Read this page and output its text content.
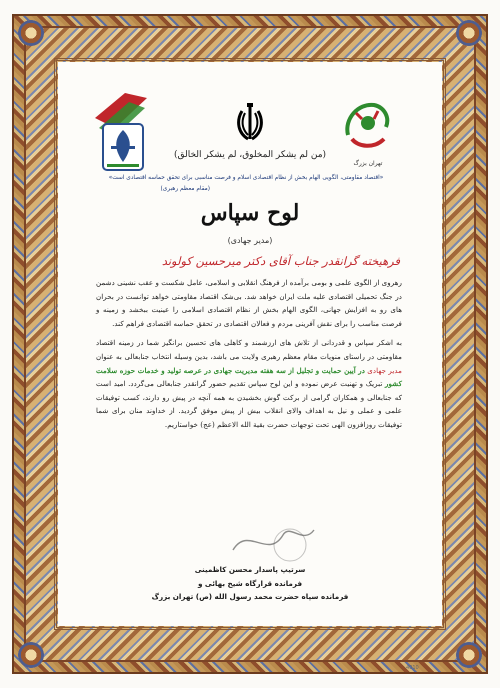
(من لم یشکر المخلوق، لم یشکر الخالق)
تهران بزرگ
«اقتصاد مقاومتی، الگویی الهام بخش از نظام اقتصادی اسلام و فرصت مناسبی برای تحقق حماسه اقتصادی است»
(مقام معظم رهبری)
لوح سپاس
(مدیر جهادی)
فرهیخته گرانقدر جناب آقای دکتر میرحسین کولوند

رهروی از الگوی علمی و بومی برآمده از فرهنگ انقلابی و اسلامی، عامل شکست و عقب نشینی دشمن در جنگ تحمیلی اقتصادی علیه ملت ایران خواهد شد. بی‌شک اقتصاد مقاومتی خواهد توانست در بحران های رو به افزایش جهانی، الگوی الهام بخش از نظام اقتصادی اسلامی را عینیت ببخشد و زمینه و فرصت مناسب را برای نقش آفرینی مردم و فعالان اقتصادی در تحقق حماسه اقتصادی فراهم کند.

به اشکر سپاس و قدردانی از تلاش های ارزشمند و کاهلی های تحسین برانگیز شما در زمینه اقتصاد مقاومتی در راستای منویات مقام معظم رهبری ولایت می باشد، بدین وسیله انتخاب جنابعالی به عنوان مدیر جهادی در آیین حمایت و تجلیل از سه هفته مدیریت جهادی در عرصه تولید و خدمات حوزه سلامت کشور تبریک و تهنیت عرض نموده و این لوح سپاس تقدیم حضور گرانقدر جنابعالی می‌گردد. امید است که جنابعالی و همکاران گرامی از برکت گوش بخشیدن به همه آنچه در پیش رو دارند، کسب توفیقات علمی و عملی و نیل به اهداف والای انقلاب بیش از پیش موفق گردید. از خداوند منان برای شما توفیقات روزافزون الهی تحت توجهات حضرت بقیة الله الاعظم (عج) خواستاریم.

سرتیپ پاسدار محسن کاظمینی
فرمانده قرارگاه شیخ بهائی و
فرمانده سپاه حضرت محمد رسول الله (ص) تهران بزرگ
4010
